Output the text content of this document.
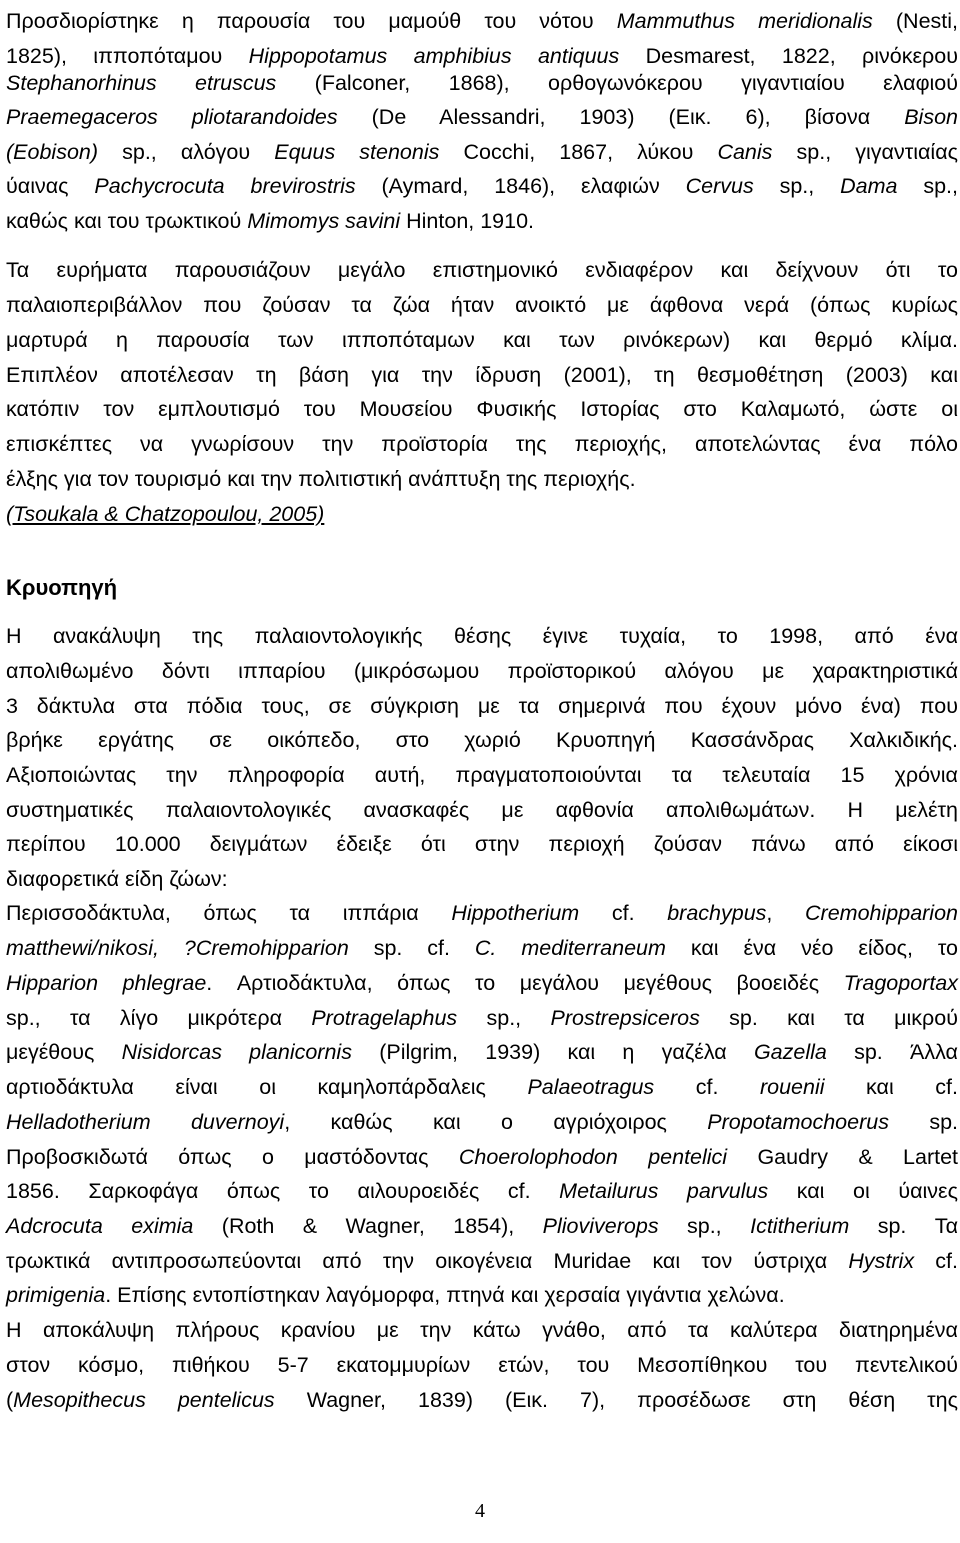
Προσδιορίστηκε η παρουσία του μαμούθ του νότου Mammuthus meridionalis (Nesti,
1825), ιπποπόταμου Hippopotamus amphibius antiquus Desmarest, 1822, ρινόκερου
Stephanorhinus etruscus (Falconer, 1868), ορθογωνόκερου γιγαντιαίου ελαφιού
Praemegaceros pliotarandoides (De Alessandri, 1903) (Εικ. 6), βίσονα Bison
(Eobison) sp., αλόγου Equus stenonis Cocchi, 1867, λύκου Canis sp., γιγαντιαίας
ύαινας Pachycrocuta brevirostris (Aymard, 1846), ελαφιών Cervus sp., Dama sp.,
καθώς και του τρωκτικού Mimomys savini Hinton, 1910.
Τα ευρήματα παρουσιάζουν μεγάλο επιστημονικό ενδιαφέρον και δείχνουν ότι το
παλαιοπεριβάλλον που ζούσαν τα ζώα ήταν ανοικτό με άφθονα νερά (όπως κυρίως
μαρτυρά η παρουσία των ιπποπόταμων και των ρινόκερων) και θερμό κλίμα.
Επιπλέον αποτέλεσαν τη βάση για την ίδρυση (2001), τη θεσμοθέτηση (2003) και
κατόπιν τον εμπλουτισμό του Μουσείου Φυσικής Ιστορίας στο Καλαμωτό, ώστε οι
επισκέπτες να γνωρίσουν την προϊστορία της περιοχής, αποτελώντας ένα πόλο
έλξης για τον τουρισμό και την πολιτιστική ανάπτυξη της περιοχής.
(Tsoukala & Chatzopoulou, 2005)
Κρυοπηγή
Η ανακάλυψη της παλαιοντολογικής θέσης έγινε τυχαία, το 1998, από ένα
απολιθωμένο δόντι ιππαρίου (μικρόσωμου προϊστορικού αλόγου με χαρακτηριστικά
3 δάκτυλα στα πόδια τους, σε σύγκριση με τα σημερινά που έχουν μόνο ένα) που
βρήκε εργάτης σε οικόπεδο, στο χωριό Κρυοπηγή Κασσάνδρας Χαλκιδικής.
Αξιοποιώντας την πληροφορία αυτή, πραγματοποιούνται τα τελευταία 15 χρόνια
συστηματικές παλαιοντολογικές ανασκαφές με αφθονία απολιθωμάτων. Η μελέτη
περίπου 10.000 δειγμάτων έδειξε ότι στην περιοχή ζούσαν πάνω από είκοσι
διαφορετικά είδη ζώων:
Περισσοδάκτυλα, όπως τα ιππάρια Hippotherium cf. brachypus, Cremohipparion
matthewi/nikosi, ?Cremohipparion sp. cf. C. mediterraneum και ένα νέο είδος, το
Hipparion phlegrae. Αρτιοδάκτυλα, όπως το μεγάλου μεγέθους βοοειδές Tragoportax
sp., τα λίγο μικρότερα Protragelaphus sp., Prostrepsiceros sp. και τα μικρού
μεγέθους Nisidorcas planicornis (Pilgrim, 1939) και η γαζέλα Gazella sp. Άλλα
αρτιοδάκτυλα είναι οι καμηλοπάρδαλεις Palaeotragus cf. rouenii και cf.
Helladotherium duvernoyi, καθώς και ο αγριόχοιρος Propotamochoerus sp.
Προβοσκιδωτά όπως ο μαστόδοντας Choerolophodon pentelici Gaudry & Lartet
1856. Σαρκοφάγα όπως το αιλουροειδές cf. Metailurus parvulus και οι ύαινες
Adcrocuta eximia (Roth & Wagner, 1854), Plioviverops sp., Ictitherium sp. Τα
τρωκτικά αντιπροσωπεύονται από την οικογένεια Muridae και τον ύστριχα Hystrix cf.
primigenia. Επίσης εντοπίστηκαν λαγόμορφα, πτηνά και χερσαία γιγάντια χελώνα.
Η αποκάλυψη πλήρους κρανίου με την κάτω γνάθο, από τα καλύτερα διατηρημένα
στον κόσμο, πιθήκου 5-7 εκατομμυρίων ετών, του Μεσοπίθηκου του πεντελικού
(Mesopithecus pentelicus Wagner, 1839) (Εικ. 7), προσέδωσε στη θέση της
4
